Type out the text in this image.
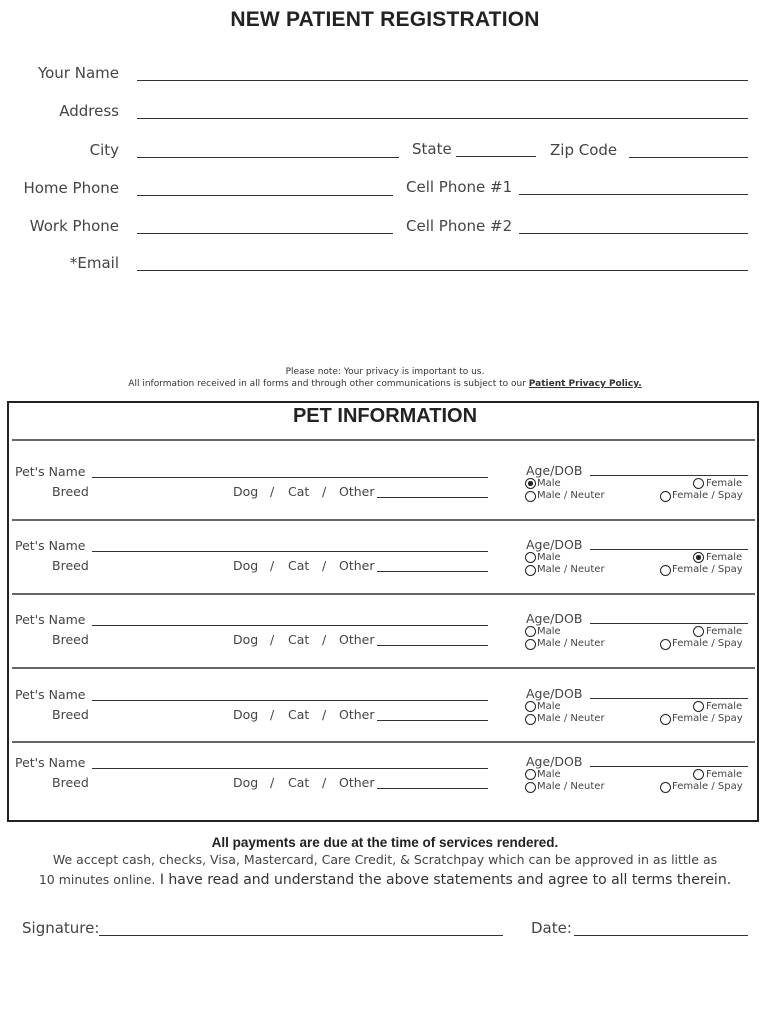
NEW PATIENT REGISTRATION
Your Name
Address
City	State	Zip Code
Home Phone	Cell Phone #1
Work Phone	Cell Phone #2
*Email
Please note: Your privacy is important to us.
All information received in all forms and through other communications is subject to our Patient Privacy Policy.
PET INFORMATION
Pet's Name
Breed	Dog / Cat / Other
Age/DOB
Male	Female
Male / Neuter	Female / Spay
Pet's Name
Breed	Dog / Cat / Other
Age/DOB
Male	Female
Male / Neuter	Female / Spay
Pet's Name
Breed	Dog / Cat / Other
Age/DOB
Male	Female
Male / Neuter	Female / Spay
Pet's Name
Breed	Dog / Cat / Other
Age/DOB
Male	Female
Male / Neuter	Female / Spay
Pet's Name
Breed	Dog / Cat / Other
Age/DOB
Male	Female
Male / Neuter	Female / Spay
All payments are due at the time of services rendered.
We accept cash, checks, Visa, Mastercard, Care Credit, & Scratchpay which can be approved in as little as
10 minutes online. I have read and understand the above statements and agree to all terms therein.
Signature:	Date:
